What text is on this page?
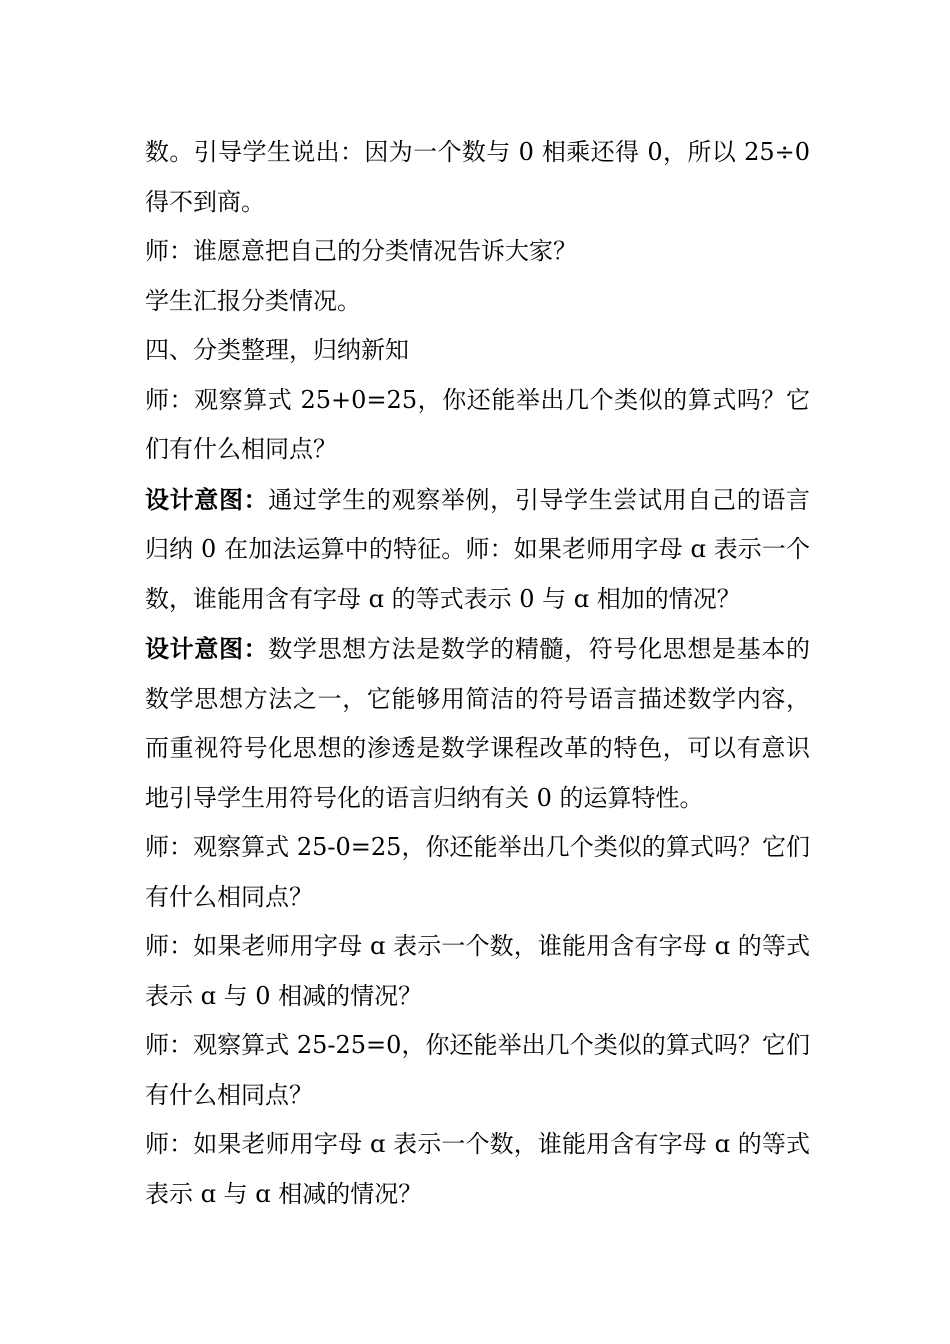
数。引导学生说出：因为一个数与 0 相乘还得 0，所以 25÷0 得不到商。

师：谁愿意把自己的分类情况告诉大家？

学生汇报分类情况。

四、分类整理，归纳新知

师：观察算式 25+0=25，你还能举出几个类似的算式吗？它们有什么相同点？

设计意图：通过学生的观察举例，引导学生尝试用自己的语言归纳 0 在加法运算中的特征。师：如果老师用字母 ɑ 表示一个数，谁能用含有字母 ɑ 的等式表示 0 与 ɑ 相加的情况？

设计意图：数学思想方法是数学的精髓，符号化思想是基本的数学思想方法之一，它能够用简洁的符号语言描述数学内容，而重视符号化思想的渗透是数学课程改革的特色，可以有意识地引导学生用符号化的语言归纳有关 0 的运算特性。

师：观察算式 25-0=25，你还能举出几个类似的算式吗？它们有什么相同点？

师：如果老师用字母 ɑ 表示一个数，谁能用含有字母 ɑ 的等式表示 ɑ 与 0 相减的情况？

师：观察算式 25-25=0，你还能举出几个类似的算式吗？它们有什么相同点？

师：如果老师用字母 ɑ 表示一个数，谁能用含有字母 ɑ 的等式表示 ɑ 与 ɑ 相减的情况？
